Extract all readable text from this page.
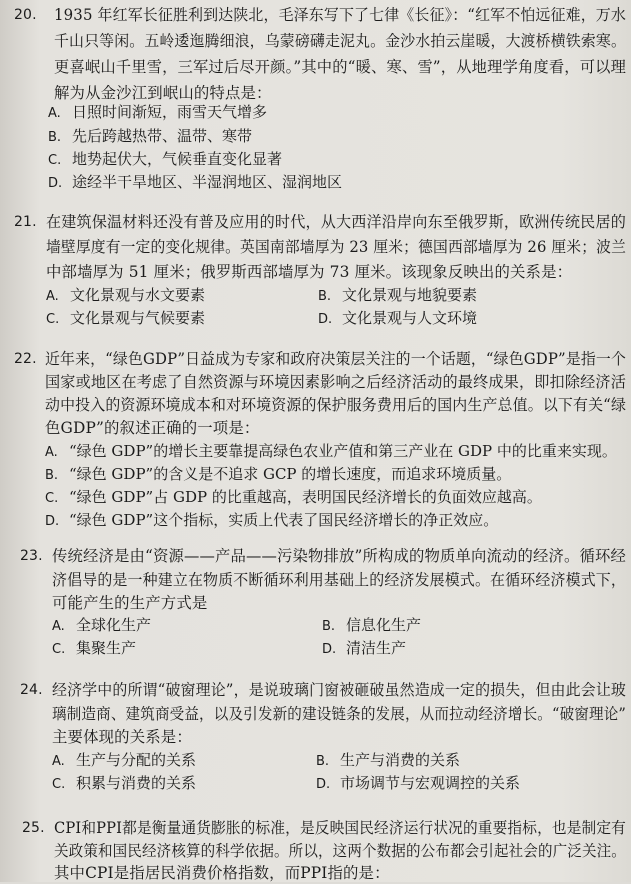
20. 1935 年红军长征胜利到达陕北，毛泽东写下了七律《长征》：“红军不怕远征难，万水
千山只等闲。五岭逶迤腾细浪，乌蒙磅礴走泥丸。金沙水拍云崖暖，大渡桥横铁索寒。
更喜岷山千里雪，三军过后尽开颜。”其中的“暖、寒、雪”，从地理学角度看，可以理
解为从金沙江到岷山的特点是：
A. 日照时间渐短，雨雪天气增多
B. 先后跨越热带、温带、寒带
C. 地势起伏大，气候垂直变化显著
D. 途经半干旱地区、半湿润地区、湿润地区
21. 在建筑保温材料还没有普及应用的时代，从大西洋沿岸向东至俄罗斯，欧洲传统民居的
墙壁厚度有一定的变化规律。英国南部墙厚为 23 厘米；德国西部墙厚为 26 厘米；波兰
中部墙厚为 51 厘米；俄罗斯西部墙厚为 73 厘米。该现象反映出的关系是：
A. 文化景观与水文要素	B. 文化景观与地貌要素
C. 文化景观与气候要素	D. 文化景观与人文环境
22. 近年来，“绿色GDP”日益成为专家和政府决策层关注的一个话题，“绿色GDP”是指一个
国家或地区在考虑了自然资源与环境因素影响之后经济活动的最终成果，即扣除经济活
动中投入的资源环境成本和对环境资源的保护服务费用后的国内生产总值。以下有关“绿
色GDP”的叙述正确的一项是：
A. “绿色 GDP”的增长主要靠提高绿色农业产值和第三产业在 GDP 中的比重来实现。
B. “绿色 GDP”的含义是不追求 GCP 的增长速度，而追求环境质量。
C. “绿色 GDP”占 GDP 的比重越高，表明国民经济增长的负面效应越高。
D. “绿色 GDP”这个指标，实质上代表了国民经济增长的净正效应。
23. 传统经济是由“资源——产品——污染物排放”所构成的物质单向流动的经济。循环经
济倡导的是一种建立在物质不断循环利用基础上的经济发展模式。在循环经济模式下，
可能产生的生产方式是
A. 全球化生产	B. 信息化生产
C. 集聚生产	D. 清洁生产
24. 经济学中的所谓“破窗理论”，是说玻璃门窗被砸破虽然造成一定的损失，但由此会让玻
璃制造商、建筑商受益，以及引发新的建设链条的发展，从而拉动经济增长。“破窗理论”
主要体现的关系是：
A. 生产与分配的关系	B. 生产与消费的关系
C. 积累与消费的关系	D. 市场调节与宏观调控的关系
25. CPI和PPI都是衡量通货膨胀的标准，是反映国民经济运行状况的重要指标，也是制定有
关政策和国民经济核算的科学依据。所以，这两个数据的公布都会引起社会的广泛关注。
其中CPI是指居民消费价格指数，而PPI指的是：
